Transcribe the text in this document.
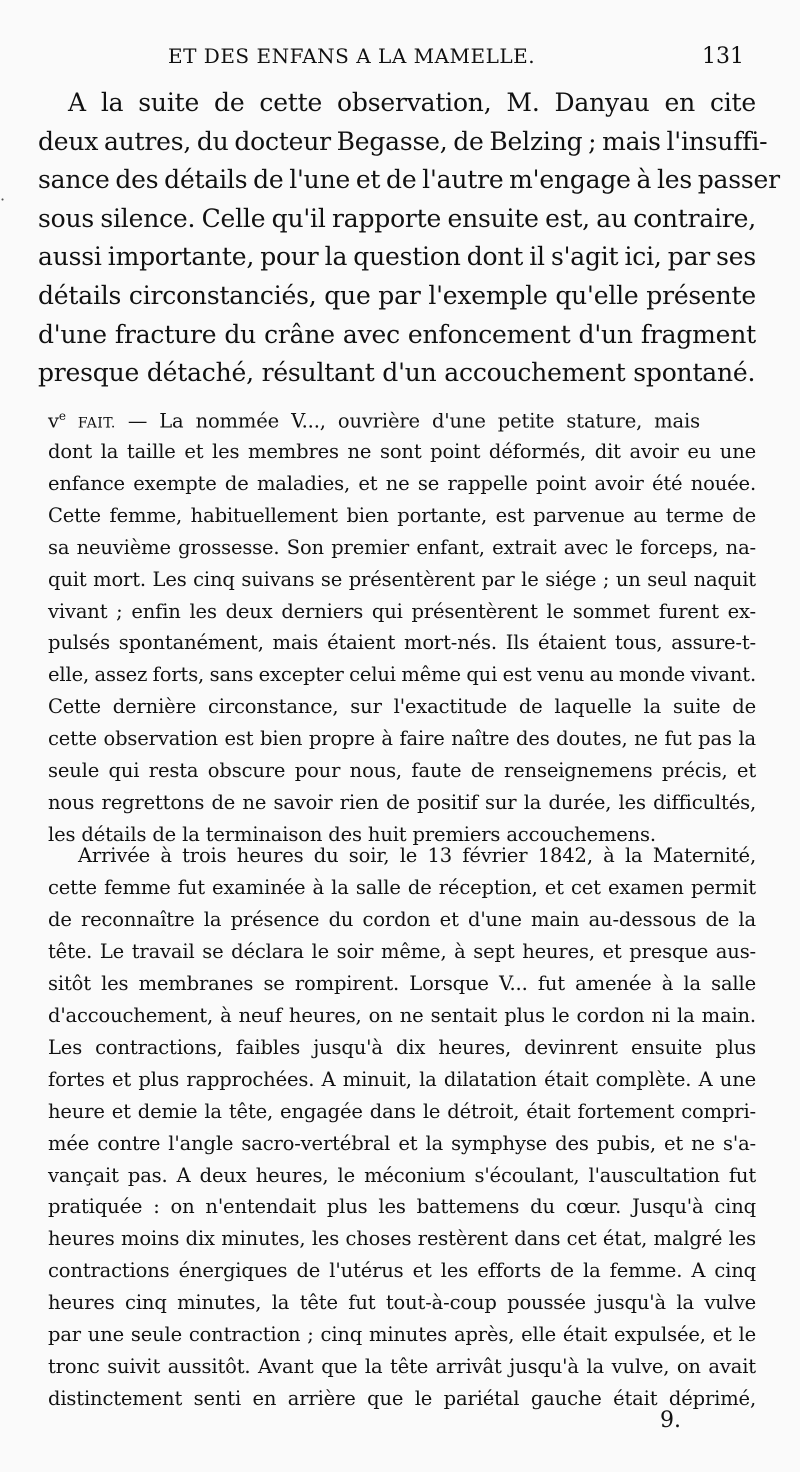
ET DES ENFANS A LA MAMELLE.	131
·
A la suite de cette observation, M. Danyau en cite
deux autres, du docteur Begasse, de Belzing ; mais l'insuffi-
sance des détails de l'une et de l'autre m'engage à les passer
sous silence. Celle qu'il rapporte ensuite est, au contraire,
aussi importante, pour la question dont il s'agit ici, par ses
détails circonstanciés, que par l'exemple qu'elle présente
d'une fracture du crâne avec enfoncement d'un fragment
presque détaché, résultant d'un accouchement spontané.
$v^e$ FAIT. — La nommée V..., ouvrière d'une petite stature, mais
dont la taille et les membres ne sont point déformés, dit avoir eu une
enfance exempte de maladies, et ne se rappelle point avoir été nouée.
Cette femme, habituellement bien portante, est parvenue au terme de
sa neuvième grossesse. Son premier enfant, extrait avec le forceps, na-
quit mort. Les cinq suivans se présentèrent par le siége ; un seul naquit
vivant ; enfin les deux derniers qui présentèrent le sommet furent ex-
pulsés spontanément, mais étaient mort-nés. Ils étaient tous, assure-t-
elle, assez forts, sans excepter celui même qui est venu au monde vivant.
Cette dernière circonstance, sur l'exactitude de laquelle la suite de
cette observation est bien propre à faire naître des doutes, ne fut pas la
seule qui resta obscure pour nous, faute de renseignemens précis, et
nous regrettons de ne savoir rien de positif sur la durée, les difficultés,
les détails de la terminaison des huit premiers accouchemens.
Arrivée à trois heures du soir, le 13 février 1842, à la Maternité,
cette femme fut examinée à la salle de réception, et cet examen permit
de reconnaître la présence du cordon et d'une main au-dessous de la
tête. Le travail se déclara le soir même, à sept heures, et presque aus-
sitôt les membranes se rompirent. Lorsque V... fut amenée à la salle
d'accouchement, à neuf heures, on ne sentait plus le cordon ni la main.
Les contractions, faibles jusqu'à dix heures, devinrent ensuite plus
fortes et plus rapprochées. A minuit, la dilatation était complète. A une
heure et demie la tête, engagée dans le détroit, était fortement compri-
mée contre l'angle sacro-vertébral et la symphyse des pubis, et ne s'a-
vançait pas. A deux heures, le méconium s'écoulant, l'auscultation fut
pratiquée : on n'entendait plus les battemens du cœur. Jusqu'à cinq
heures moins dix minutes, les choses restèrent dans cet état, malgré les
contractions énergiques de l'utérus et les efforts de la femme. A cinq
heures cinq minutes, la tête fut tout-à-coup poussée jusqu'à la vulve
par une seule contraction ; cinq minutes après, elle était expulsée, et le
tronc suivit aussitôt. Avant que la tête arrivât jusqu'à la vulve, on avait
distinctement senti en arrière que le pariétal gauche était déprimé,
9.
